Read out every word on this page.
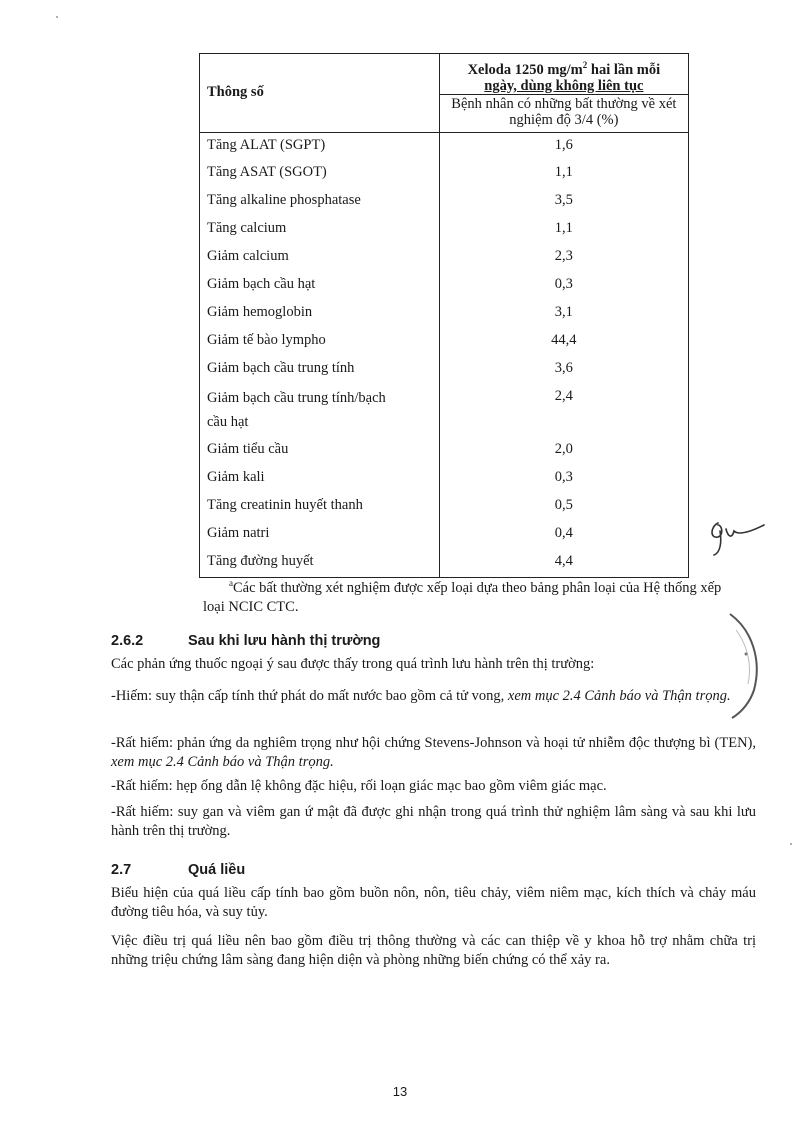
Thông số	Xeloda 1250 $mg/m^2$ hai lần mỗi
ngày, dùng không liên tục
	Bệnh nhân có những bất thường về xét nghiệm độ 3/4 (%)
Tăng ALAT (SGPT)	1,6
Tăng ASAT (SGOT)	1,1
Tăng alkaline phosphatase	3,5
Tăng calcium	1,1
Giảm calcium	2,3
Giảm bạch cầu hạt	0,3
Giảm hemoglobin	3,1
Giảm tế bào lympho	44,4
Giảm bạch cầu trung tính	3,6
Giảm bạch cầu trung tính/bạch cầu hạt	2,4
Giảm tiểu cầu	2,0
Giảm kali	0,3
Tăng creatinin huyết thanh	0,5
Giảm natri	0,4
Tăng đường huyết	4,4
$^a$Các bất thường xét nghiệm được xếp loại dựa theo bảng phân loại của Hệ thống xếp loại NCIC CTC.
2.6.2	Sau khi lưu hành thị trường
Các phản ứng thuốc ngoại ý sau được thấy trong quá trình lưu hành trên thị trường:
-Hiếm: suy thận cấp tính thứ phát do mất nước bao gồm cả tử vong, xem mục 2.4 Cảnh báo và Thận trọng.
-Rất hiếm: phản ứng da nghiêm trọng như hội chứng Stevens-Johnson và hoại tử nhiễm độc thượng bì (TEN), xem mục 2.4 Cảnh báo và Thận trọng.
-Rất hiếm: hẹp ống dẫn lệ không đặc hiệu, rối loạn giác mạc bao gồm viêm giác mạc.
-Rất hiếm: suy gan và viêm gan ứ mật đã được ghi nhận trong quá trình thử nghiệm lâm sàng và sau khi lưu hành trên thị trường.
2.7	Quá liều
Biểu hiện của quá liều cấp tính bao gồm buồn nôn, nôn, tiêu chảy, viêm niêm mạc, kích thích và chảy máu đường tiêu hóa, và suy tủy.
Việc điều trị quá liều nên bao gồm điều trị thông thường và các can thiệp về y khoa hỗ trợ nhằm chữa trị những triệu chứng lâm sàng đang hiện diện và phòng những biến chứng có thể xảy ra.
13
